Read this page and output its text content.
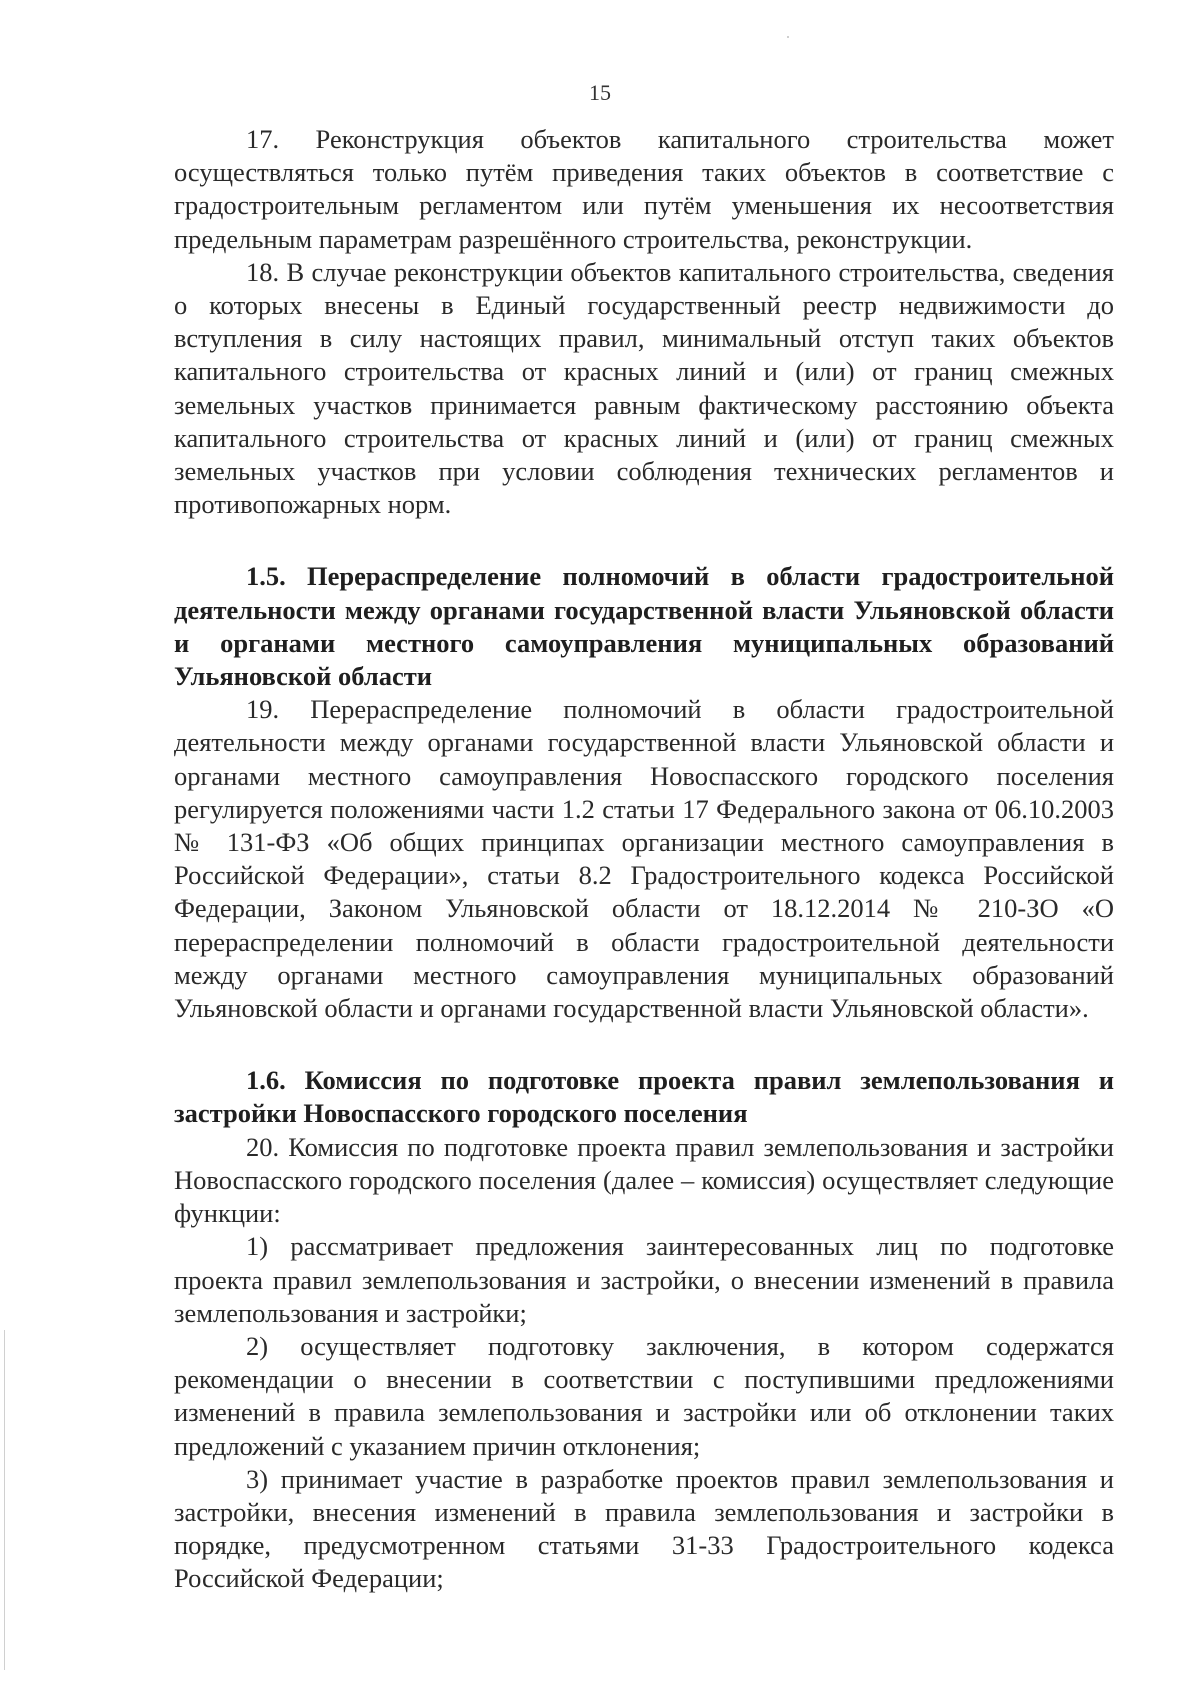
15

17. Реконструкция объектов капитального строительства может осуществляться только путём приведения таких объектов в соответствие с градостроительным регламентом или путём уменьшения их несоответствия предельным параметрам разрешённого строительства, реконструкции.

18. В случае реконструкции объектов капитального строительства, сведения о которых внесены в Единый государственный реестр недвижимости до вступления в силу настоящих правил, минимальный отступ таких объектов капитального строительства от красных линий и (или) от границ смежных земельных участков принимается равным фактическому расстоянию объекта капитального строительства от красных линий и (или) от границ смежных земельных участков при условии соблюдения технических регламентов и противопожарных норм.

1.5. Перераспределение полномочий в области градостроительной деятельности между органами государственной власти Ульяновской области и органами местного самоуправления муниципальных образований Ульяновской области

19. Перераспределение полномочий в области градостроительной деятельности между органами государственной власти Ульяновской области и органами местного самоуправления Новоспасского городского поселения регулируется положениями части 1.2 статьи 17 Федерального закона от 06.10.2003 № 131-ФЗ «Об общих принципах организации местного самоуправления в Российской Федерации», статьи 8.2 Градостроительного кодекса Российской Федерации, Законом Ульяновской области от 18.12.2014 № 210-ЗО «О перераспределении полномочий в области градостроительной деятельности между органами местного самоуправления муниципальных образований Ульяновской области и органами государственной власти Ульяновской области».

1.6. Комиссия по подготовке проекта правил землепользования и застройки Новоспасского городского поселения

20. Комиссия по подготовке проекта правил землепользования и застройки Новоспасского городского поселения (далее – комиссия) осуществляет следующие функции:

1) рассматривает предложения заинтересованных лиц по подготовке проекта правил землепользования и застройки, о внесении изменений в правила землепользования и застройки;

2) осуществляет подготовку заключения, в котором содержатся рекомендации о внесении в соответствии с поступившими предложениями изменений в правила землепользования и застройки или об отклонении таких предложений с указанием причин отклонения;

3) принимает участие в разработке проектов правил землепользования и застройки, внесения изменений в правила землепользования и застройки в порядке, предусмотренном статьями 31-33 Градостроительного кодекса Российской Федерации;
